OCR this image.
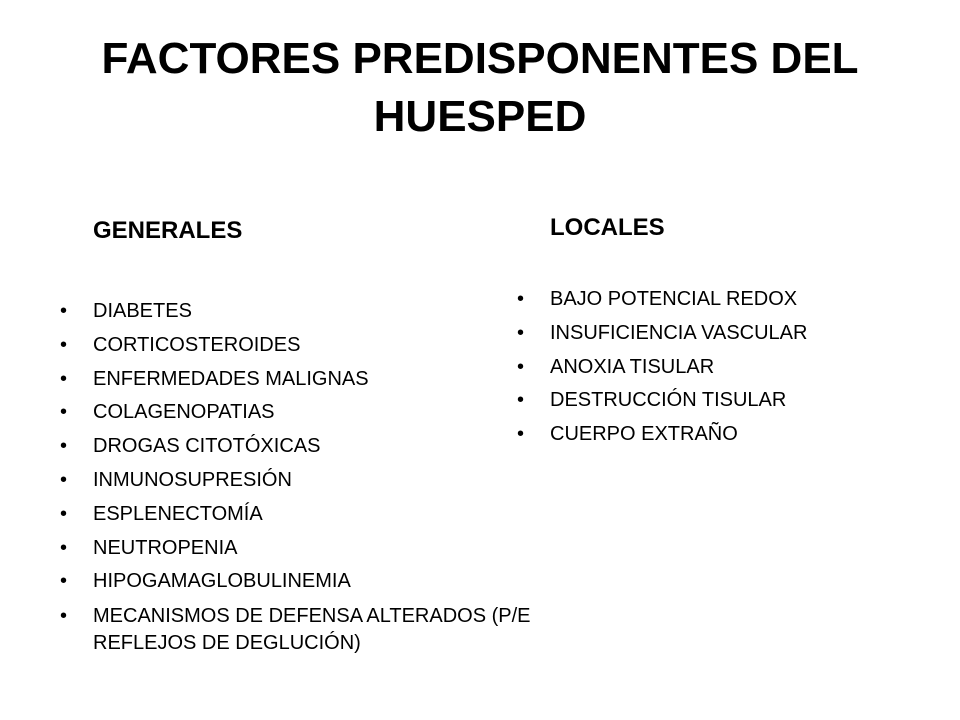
FACTORES PREDISPONENTES DEL
HUESPED
GENERALES	LOCALES
• DIABETES
• CORTICOSTEROIDES
• ENFERMEDADES MALIGNAS
• COLAGENOPATIAS
• DROGAS CITOTÓXICAS
• INMUNOSUPRESIÓN
• ESPLENECTOMÍA
• NEUTROPENIA
• HIPOGAMAGLOBULINEMIA
• MECANISMOS DE DEFENSA ALTERADOS (P/E
REFLEJOS DE DEGLUCIÓN)
• BAJO POTENCIAL REDOX
• INSUFICIENCIA VASCULAR
• ANOXIA TISULAR
• DESTRUCCIÓN TISULAR
• CUERPO EXTRAÑO
